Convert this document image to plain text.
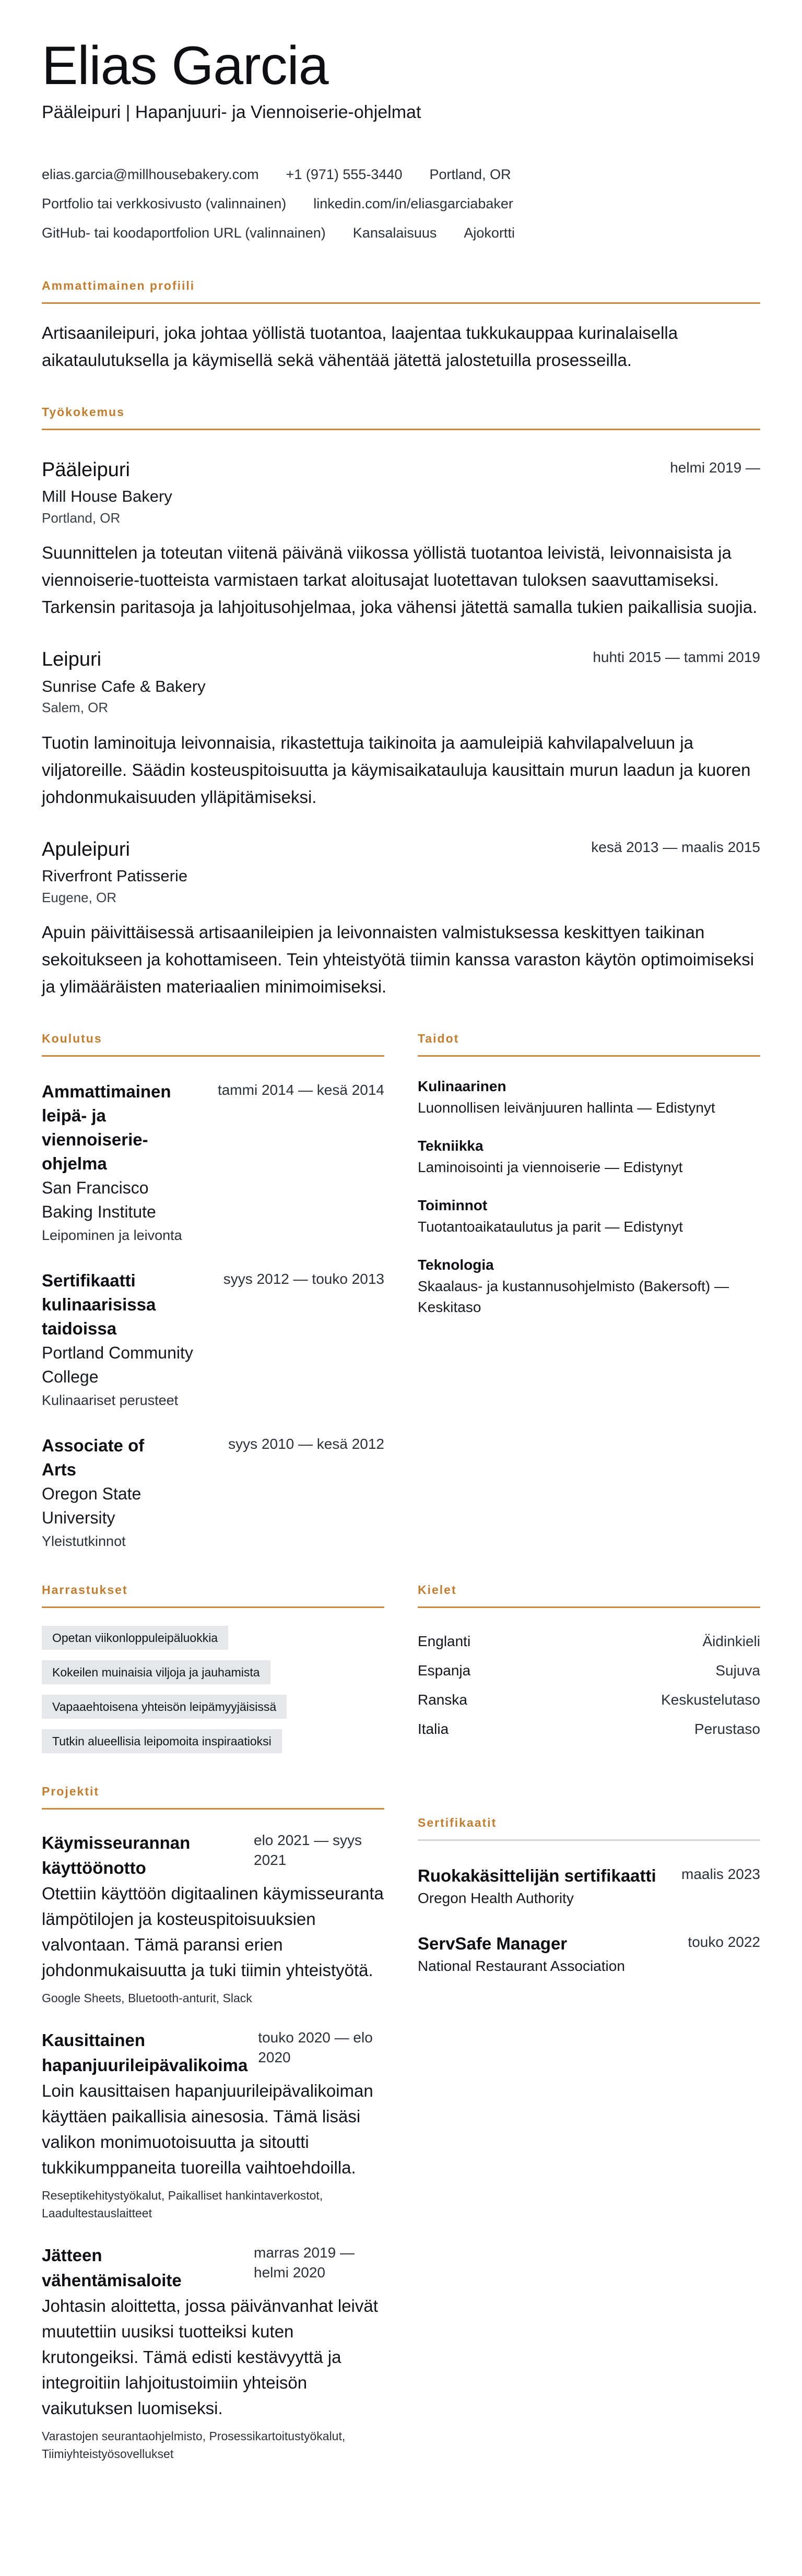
Elias Garcia
Pääleipuri | Hapanjuuri- ja Viennoiserie-ohjelmat
elias.garcia@millhousebakery.com +1 (971) 555-3440 Portland, OR
Portfolio tai verkkosivusto (valinnainen) linkedin.com/in/eliasgarciabaker
GitHub- tai koodaportfolion URL (valinnainen) Kansalaisuus Ajokortti
Ammattimainen profiili

Artisaanileipuri, joka johtaa yöllistä tuotantoa, laajentaa tukkukauppaa kurinalaisella aikataulutuksella ja käymisellä sekä vähentää jätettä jalostetuilla prosesseilla.

Työkokemus
Pääleipuri	helmi 2019 —
Mill House Bakery
Portland, OR

Suunnittelen ja toteutan viitenä päivänä viikossa yöllistä tuotantoa leivistä, leivonnaisista ja viennoiserie-tuotteista varmistaen tarkat aloitusajat luotettavan tuloksen saavuttamiseksi. Tarkensin paritasoja ja lahjoitusohjelmaa, joka vähensi jätettä samalla tukien paikallisia suojia.

Leipuri	huhti 2015 — tammi 2019
Sunrise Cafe & Bakery
Salem, OR

Tuotin laminoituja leivonnaisia, rikastettuja taikinoita ja aamuleipiä kahvilapalveluun ja viljatoreille. Säädin kosteuspitoisuutta ja käymisaikatauluja kausittain murun laadun ja kuoren johdonmukaisuuden ylläpitämiseksi.

Apuleipuri	kesä 2013 — maalis 2015
Riverfront Patisserie
Eugene, OR

Apuin päivittäisessä artisaanileipien ja leivonnaisten valmistuksessa keskittyen taikinan sekoitukseen ja kohottamiseen. Tein yhteistyötä tiimin kanssa varaston käytön optimoimiseksi ja ylimääräisten materiaalien minimoimiseksi.

Koulutus
Ammattimainen leipä- ja viennoiserie-ohjelma
tammi 2014 — kesä 2014
San Francisco Baking Institute
Leipominen ja leivonta
Sertifikaatti kulinaarisissa taidoissa
syys 2012 — touko 2013
Portland Community College
Kulinaariset perusteet
Associate of Arts
syys 2010 — kesä 2012
Oregon State University
Yleistutkinnot
Taidot
Kulinaarinen
Luonnollisen leivänjuuren hallinta — Edistynyt
Tekniikka
Laminoisointi ja viennoiserie — Edistynyt
Toiminnot
Tuotantoaikataulutus ja parit — Edistynyt
Teknologia
Skaalaus- ja kustannusohjelmisto (Bakersoft) — Keskitaso
Harrastukset
Opetan viikonloppuleipäluokkia
Kokeilen muinaisia viljoja ja jauhamista
Vapaaehtoisena yhteisön leipämyyjäisissä
Tutkin alueellisia leipomoita inspiraatioksi
Kielet
Englanti	Äidinkieli
Espanja	Sujuva
Ranska	Keskustelutaso
Italia	Perustaso
Projektit
Käymisseurannan käyttöönotto
elo 2021 — syys 2021

Otettiin käyttöön digitaalinen käymisseuranta lämpötilojen ja kosteuspitoisuuksien valvontaan. Tämä paransi erien johdonmukaisuutta ja tuki tiimin yhteistyötä.

Google Sheets, Bluetooth-anturit, Slack
Kausittainen hapanjuurileipävalikoima
touko 2020 — elo 2020

Loin kausittaisen hapanjuurileipävalikoiman käyttäen paikallisia ainesosia. Tämä lisäsi valikon monimuotoisuutta ja sitoutti tukkikumppaneita tuoreilla vaihtoehdoilla.

Reseptikehitystyökalut, Paikalliset hankintaverkostot, Laadultestauslaitteet
Jätteen vähentämisaloite
marras 2019 — helmi 2020

Johtasin aloittetta, jossa päivänvanhat leivät muutettiin uusiksi tuotteiksi kuten krutongeiksi. Tämä edisti kestävyyttä ja integroitiin lahjoitustoimiin yhteisön vaikutuksen luomiseksi.

Varastojen seurantaohjelmisto, Prosessikartoitustyökalut, Tiimiyhteistyösovellukset
Sertifikaatit
Ruokakäsittelijän sertifikaatti maalis 2023
Oregon Health Authority
ServSafe Manager	touko 2022
National Restaurant Association
